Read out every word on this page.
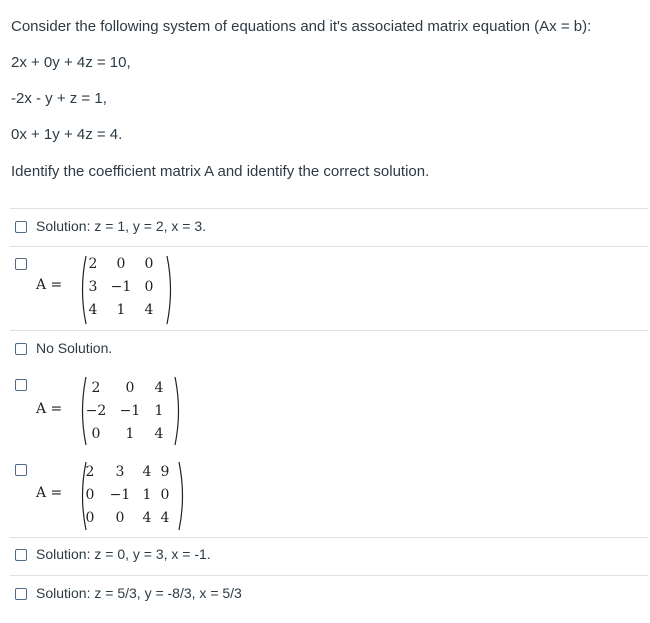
Consider the following system of equations and it's associated matrix equation (Ax = b):
2x + 0y + 4z = 10,
-2x - y + z = 1,
0x + 1y + 4z = 4.
Identify the coefficient matrix A and identify the correct solution.
Solution: z = 1, y = 2, x = 3.
A =
2	0	0
3 −1 0
4	1	4
No Solution.
A =
2	0	4
−2 −1	1
0	1	4
A =
2	3	4 9
0	−1 1 0
0	0	4 4
Solution: z = 0, y = 3, x = -1.
Solution: z = 5/3, y = -8/3, x = 5/3
